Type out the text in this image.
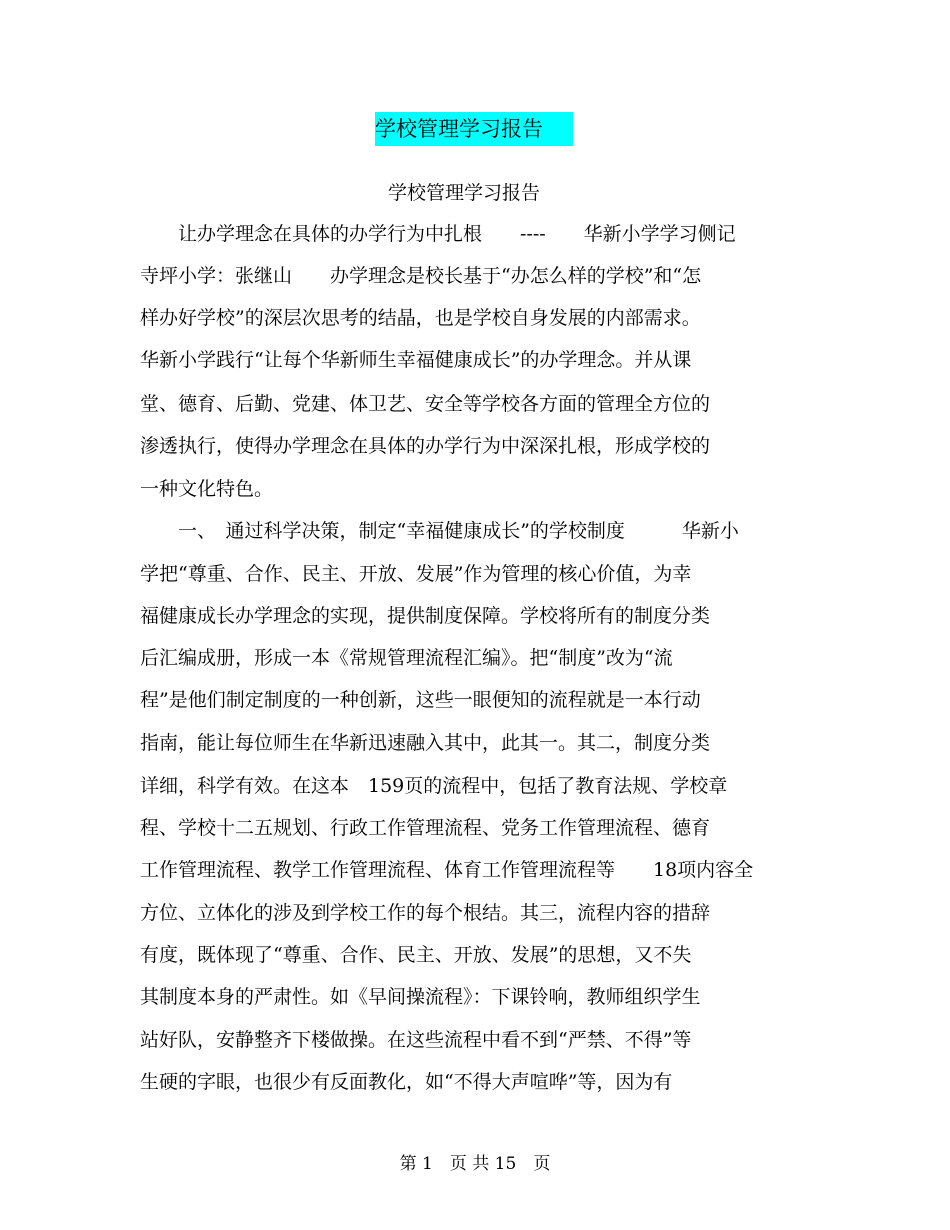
学校管理学习报告
学校管理学习报告
　　让办学理念在具体的办学行为中扎根　　----　　华新小学学习侧记
寺坪小学：张继山　　办学理念是校长基于“办怎么样的学校”和“怎
样办好学校”的深层次思考的结晶，也是学校自身发展的内部需求。
华新小学践行“让每个华新师生幸福健康成长”的办学理念。并从课
堂、德育、后勤、党建、体卫艺、安全等学校各方面的管理全方位的
渗透执行，使得办学理念在具体的办学行为中深深扎根，形成学校的
一种文化特色。
　　一、　通过科学决策，制定“幸福健康成长”的学校制度　　　华新小
学把“尊重、合作、民主、开放、发展”作为管理的核心价值，为幸
福健康成长办学理念的实现，提供制度保障。学校将所有的制度分类
后汇编成册，形成一本《常规管理流程汇编》。把“制度”改为“流
程”是他们制定制度的一种创新，这些一眼便知的流程就是一本行动
指南，能让每位师生在华新迅速融入其中，此其一。其二，制度分类
详细，科学有效。在这本　159页的流程中，包括了教育法规、学校章
程、学校十二五规划、行政工作管理流程、党务工作管理流程、德育
工作管理流程、教学工作管理流程、体育工作管理流程等　　18项内容全
方位、立体化的涉及到学校工作的每个根结。其三，流程内容的措辞
有度，既体现了“尊重、合作、民主、开放、发展”的思想，又不失
其制度本身的严肃性。如《早间操流程》：下课铃响，教师组织学生
站好队，安静整齐下楼做操。在这些流程中看不到“严禁、不得”等
生硬的字眼，也很少有反面教化，如“不得大声喧哗”等，因为有
第 1　页 共 15　页
